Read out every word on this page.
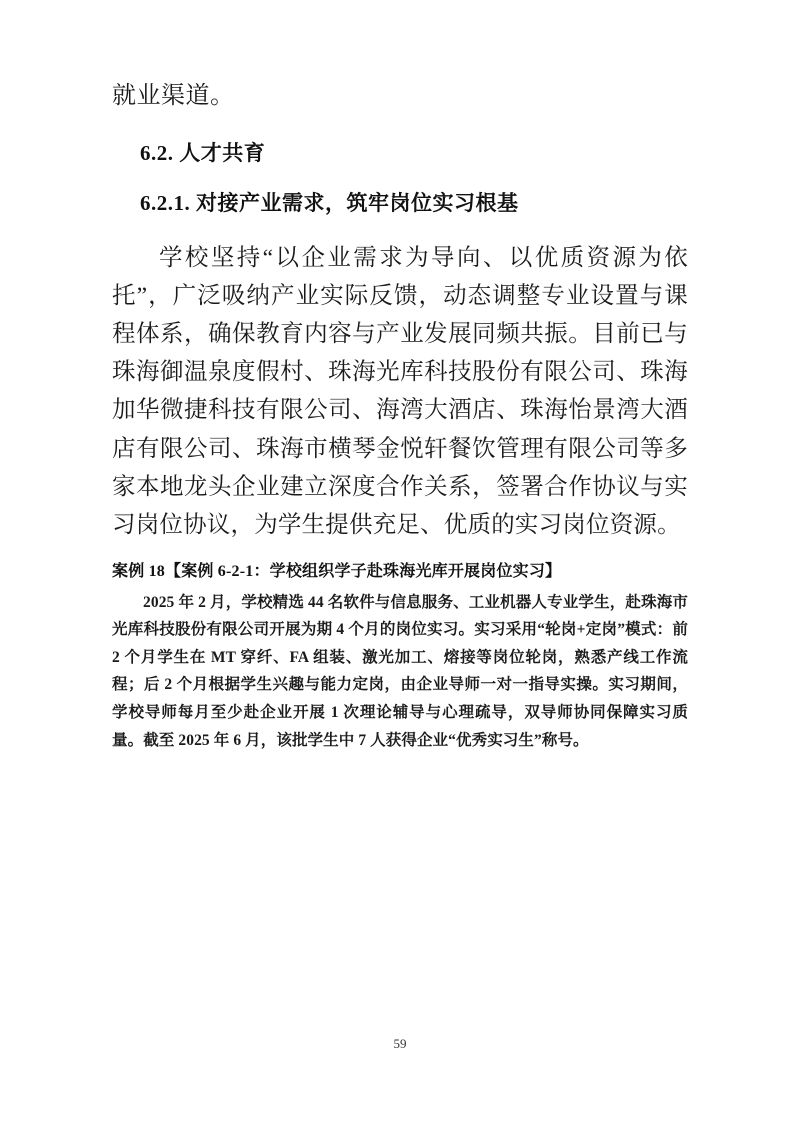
就业渠道。

6.2. 人才共育
6.2.1. 对接产业需求，筑牢岗位实习根基

学校坚持“以企业需求为导向、以优质资源为依托”，广泛吸纳产业实际反馈，动态调整专业设置与课程体系，确保教育内容与产业发展同频共振。目前已与珠海御温泉度假村、珠海光库科技股份有限公司、珠海加华微捷科技有限公司、海湾大酒店、珠海怡景湾大酒店有限公司、珠海市横琴金悦轩餐饮管理有限公司等多家本地龙头企业建立深度合作关系，签署合作协议与实习岗位协议，为学生提供充足、优质的实习岗位资源。

案例 18【案例 6-2-1：学校组织学子赴珠海光库开展岗位实习】

2025 年 2 月，学校精选 44 名软件与信息服务、工业机器人专业学生，赴珠海市光库科技股份有限公司开展为期 4 个月的岗位实习。实习采用“轮岗+定岗”模式：前 2 个月学生在 MT 穿纤、FA 组装、激光加工、熔接等岗位轮岗，熟悉产线工作流程；后 2 个月根据学生兴趣与能力定岗，由企业导师一对一指导实操。实习期间，学校导师每月至少赴企业开展 1 次理论辅导与心理疏导，双导师协同保障实习质量。截至 2025 年 6 月，该批学生中 7 人获得企业“优秀实习生”称号。

59
